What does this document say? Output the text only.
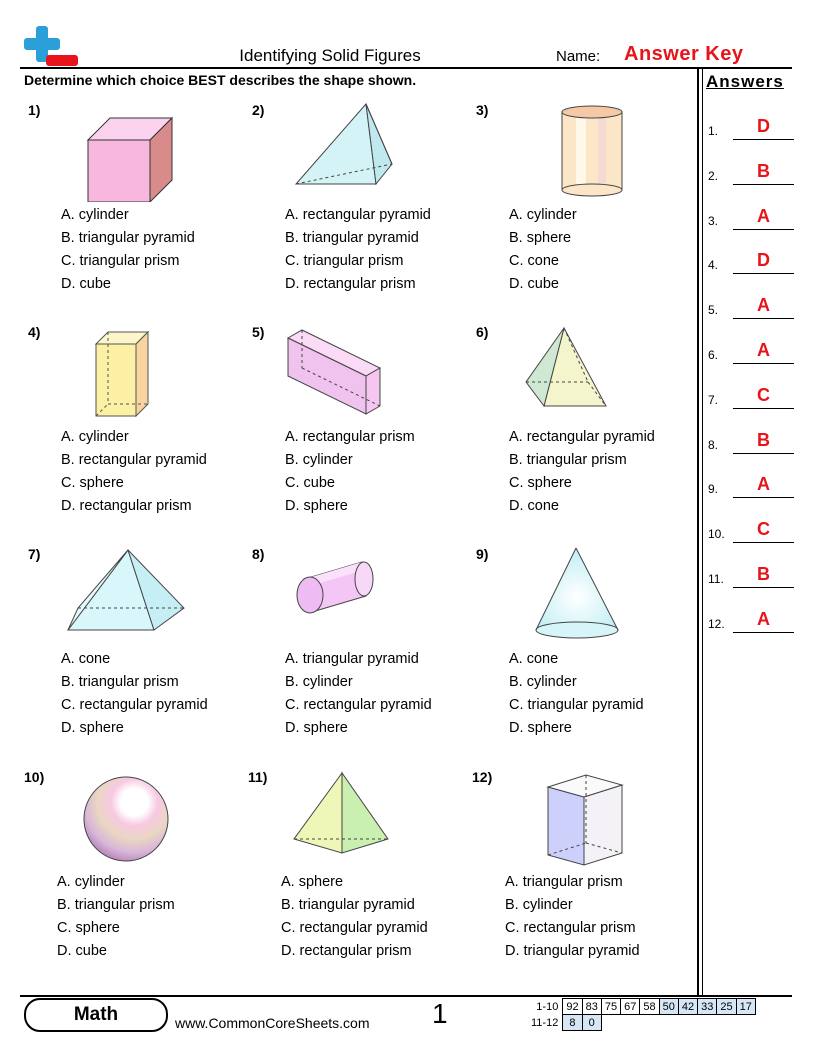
Identifying Solid Figures	Name: Answer Key
Determine which choice BEST describes the shape shown.	Answers
1.	D
2.	B
3.	A
4.	D
5.	A
6.	A
7.	C
8.	B
9.	A
10.	C
11.	B
12.	A
1)
A. cylinder
B. triangular pyramid
C. triangular prism
D. cube
2)
A. rectangular pyramid
B. triangular pyramid
C. triangular prism
D. rectangular prism
3)
A. cylinder
B. sphere
C. cone
D. cube
4)
A. cylinder
B. rectangular pyramid
C. sphere
D. rectangular prism
5)
A. rectangular prism
B. cylinder
C. cube
D. sphere
6)
A. rectangular pyramid
B. triangular prism
C. sphere
D. cone
7)
A. cone
B. triangular prism
C. rectangular pyramid
D. sphere
8)
A. triangular pyramid
B. cylinder
C. rectangular pyramid
D. sphere
9)
A. cone
B. cylinder
C. triangular pyramid
D. sphere
10)
A. cylinder
B. triangular prism
C. sphere
D. cube
11)
A. sphere
B. triangular pyramid
C. rectangular pyramid
D. rectangular prism
12)
A. triangular prism
B. cylinder
C. rectangular prism
D. triangular pyramid
Math	www.CommonCoreSheets.com 1	1-10	92	83	75	67	58	50	42	33	25	17
11-12	8	0								
